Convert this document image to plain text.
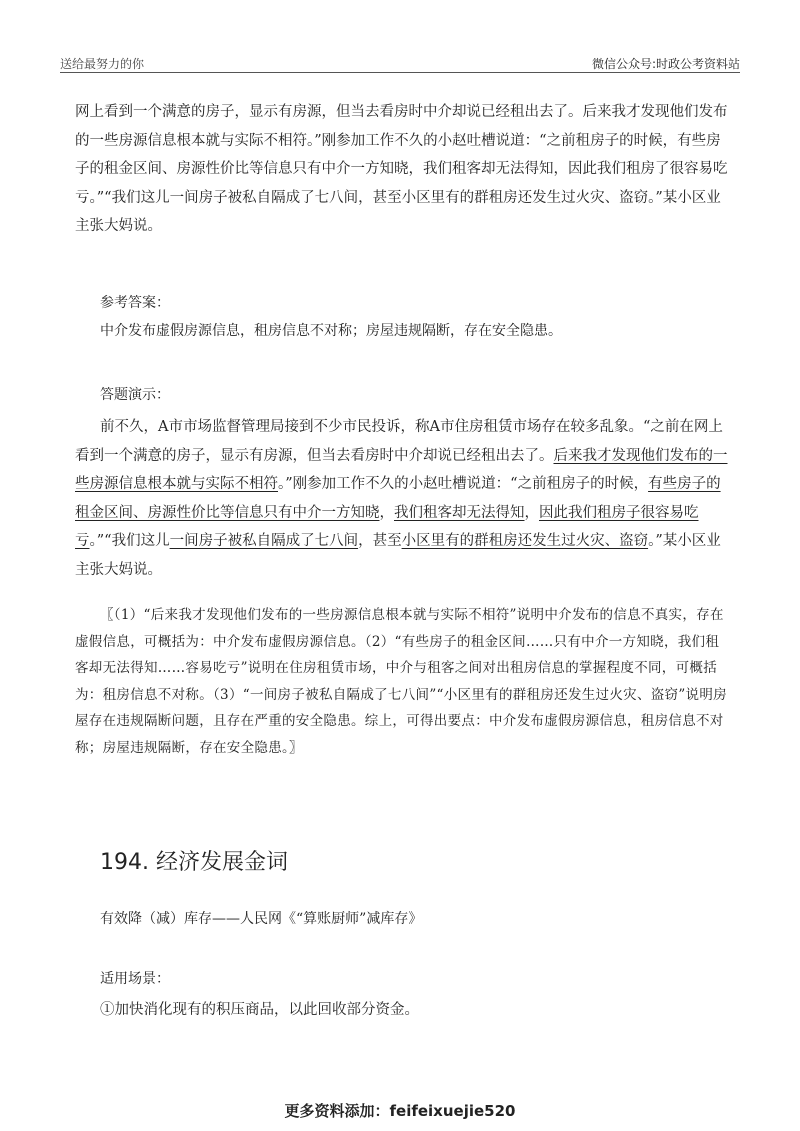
送给最努力的你	微信公众号:时政公考资料站

网上看到一个满意的房子，显示有房源，但当去看房时中介却说已经租出去了。后来我才发现他们发布的一些房源信息根本就与实际不相符。”刚参加工作不久的小赵吐槽说道：“之前租房子的时候，有些房子的租金区间、房源性价比等信息只有中介一方知晓，我们租客却无法得知，因此我们租房了很容易吃亏。”“我们这儿一间房子被私自隔成了七八间，甚至小区里有的群租房还发生过火灾、盗窃。”某小区业主张大妈说。

参考答案：
中介发布虚假房源信息，租房信息不对称；房屋违规隔断，存在安全隐患。
答题演示：

前不久，A市市场监督管理局接到不少市民投诉，称A市住房租赁市场存在较多乱象。“之前在网上看到一个满意的房子，显示有房源，但当去看房时中介却说已经租出去了。后来我才发现他们发布的一些房源信息根本就与实际不相符。”刚参加工作不久的小赵吐槽说道：“之前租房子的时候，有些房子的租金区间、房源性价比等信息只有中介一方知晓，我们租客却无法得知，因此我们租房子很容易吃亏。”“我们这儿一间房子被私自隔成了七八间，甚至小区里有的群租房还发生过火灾、盗窃。”某小区业主张大妈说。

〖（1）“后来我才发现他们发布的一些房源信息根本就与实际不相符”说明中介发布的信息不真实，存在虚假信息，可概括为：中介发布虚假房源信息。（2）“有些房子的租金区间……只有中介一方知晓，我们租客却无法得知……容易吃亏”说明在住房租赁市场，中介与租客之间对出租房信息的掌握程度不同，可概括为：租房信息不对称。（3）“一间房子被私自隔成了七八间”“小区里有的群租房还发生过火灾、盗窃”说明房屋存在违规隔断问题，且存在严重的安全隐患。综上，可得出要点：中介发布虚假房源信息，租房信息不对称；房屋违规隔断，存在安全隐患。〗

194. 经济发展金词
有效降（减）库存——人民网《“算账厨师”减库存》
适用场景：
①加快消化现有的积压商品，以此回收部分资金。
更多资料添加：feifeixuejie520
